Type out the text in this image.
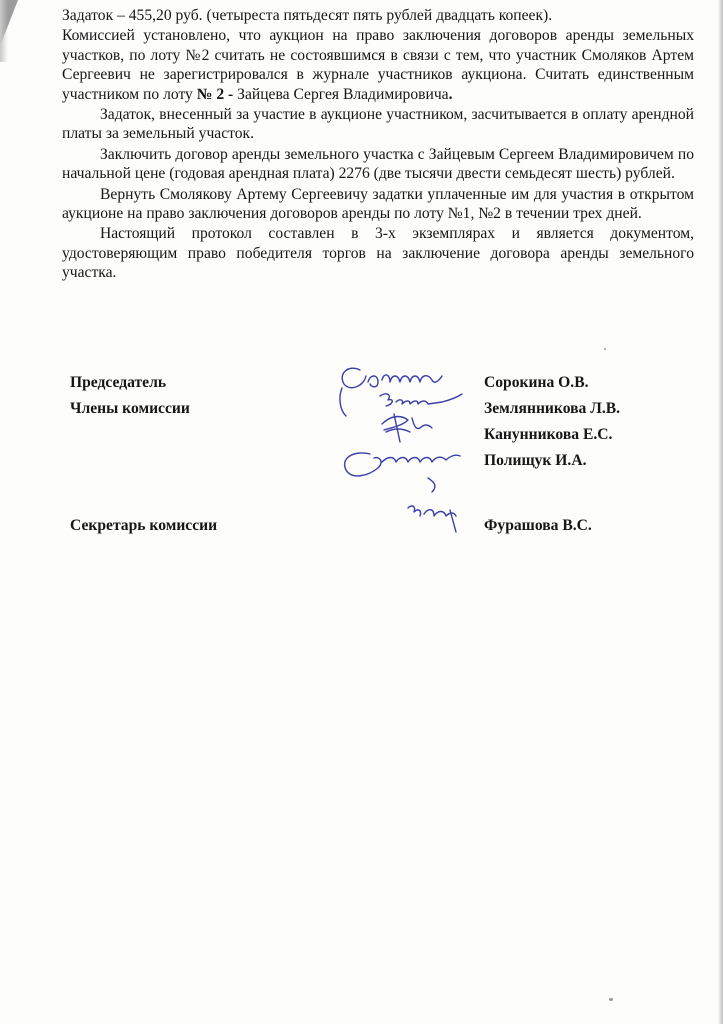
Задаток – 455,20 руб. (четыреста пятьдесят пять рублей двадцать копеек).

Комиссией установлено, что аукцион на право заключения договоров аренды земельных участков, по лоту №2 считать не состоявшимся в связи с тем, что участник Смоляков Артем Сергеевич не зарегистрировался в журнале участников аукциона. Считать единственным участником по лоту № 2 - Зайцева Сергея Владимировича.

Задаток, внесенный за участие в аукционе участником, засчитывается в оплату арендной платы за земельный участок.

Заключить договор аренды земельного участка с Зайцевым Сергеем Владимировичем по начальной цене (годовая арендная плата) 2276 (две тысячи двести семьдесят шесть) рублей.

Вернуть Смолякову Артему Сергеевичу задатки уплаченные им для участия в открытом аукционе на право заключения договоров аренды по лоту №1, №2 в течении трех дней.

Настоящий протокол составлен в 3-х экземплярах и является документом, удостоверяющим право победителя торгов на заключение договора аренды земельного участка.

Председатель
Члены комиссии
Секретарь комиссии
Сорокина О.В.
Землянникова Л.В.
Канунникова Е.С.
Полищук И.А.
Фурашова В.С.
